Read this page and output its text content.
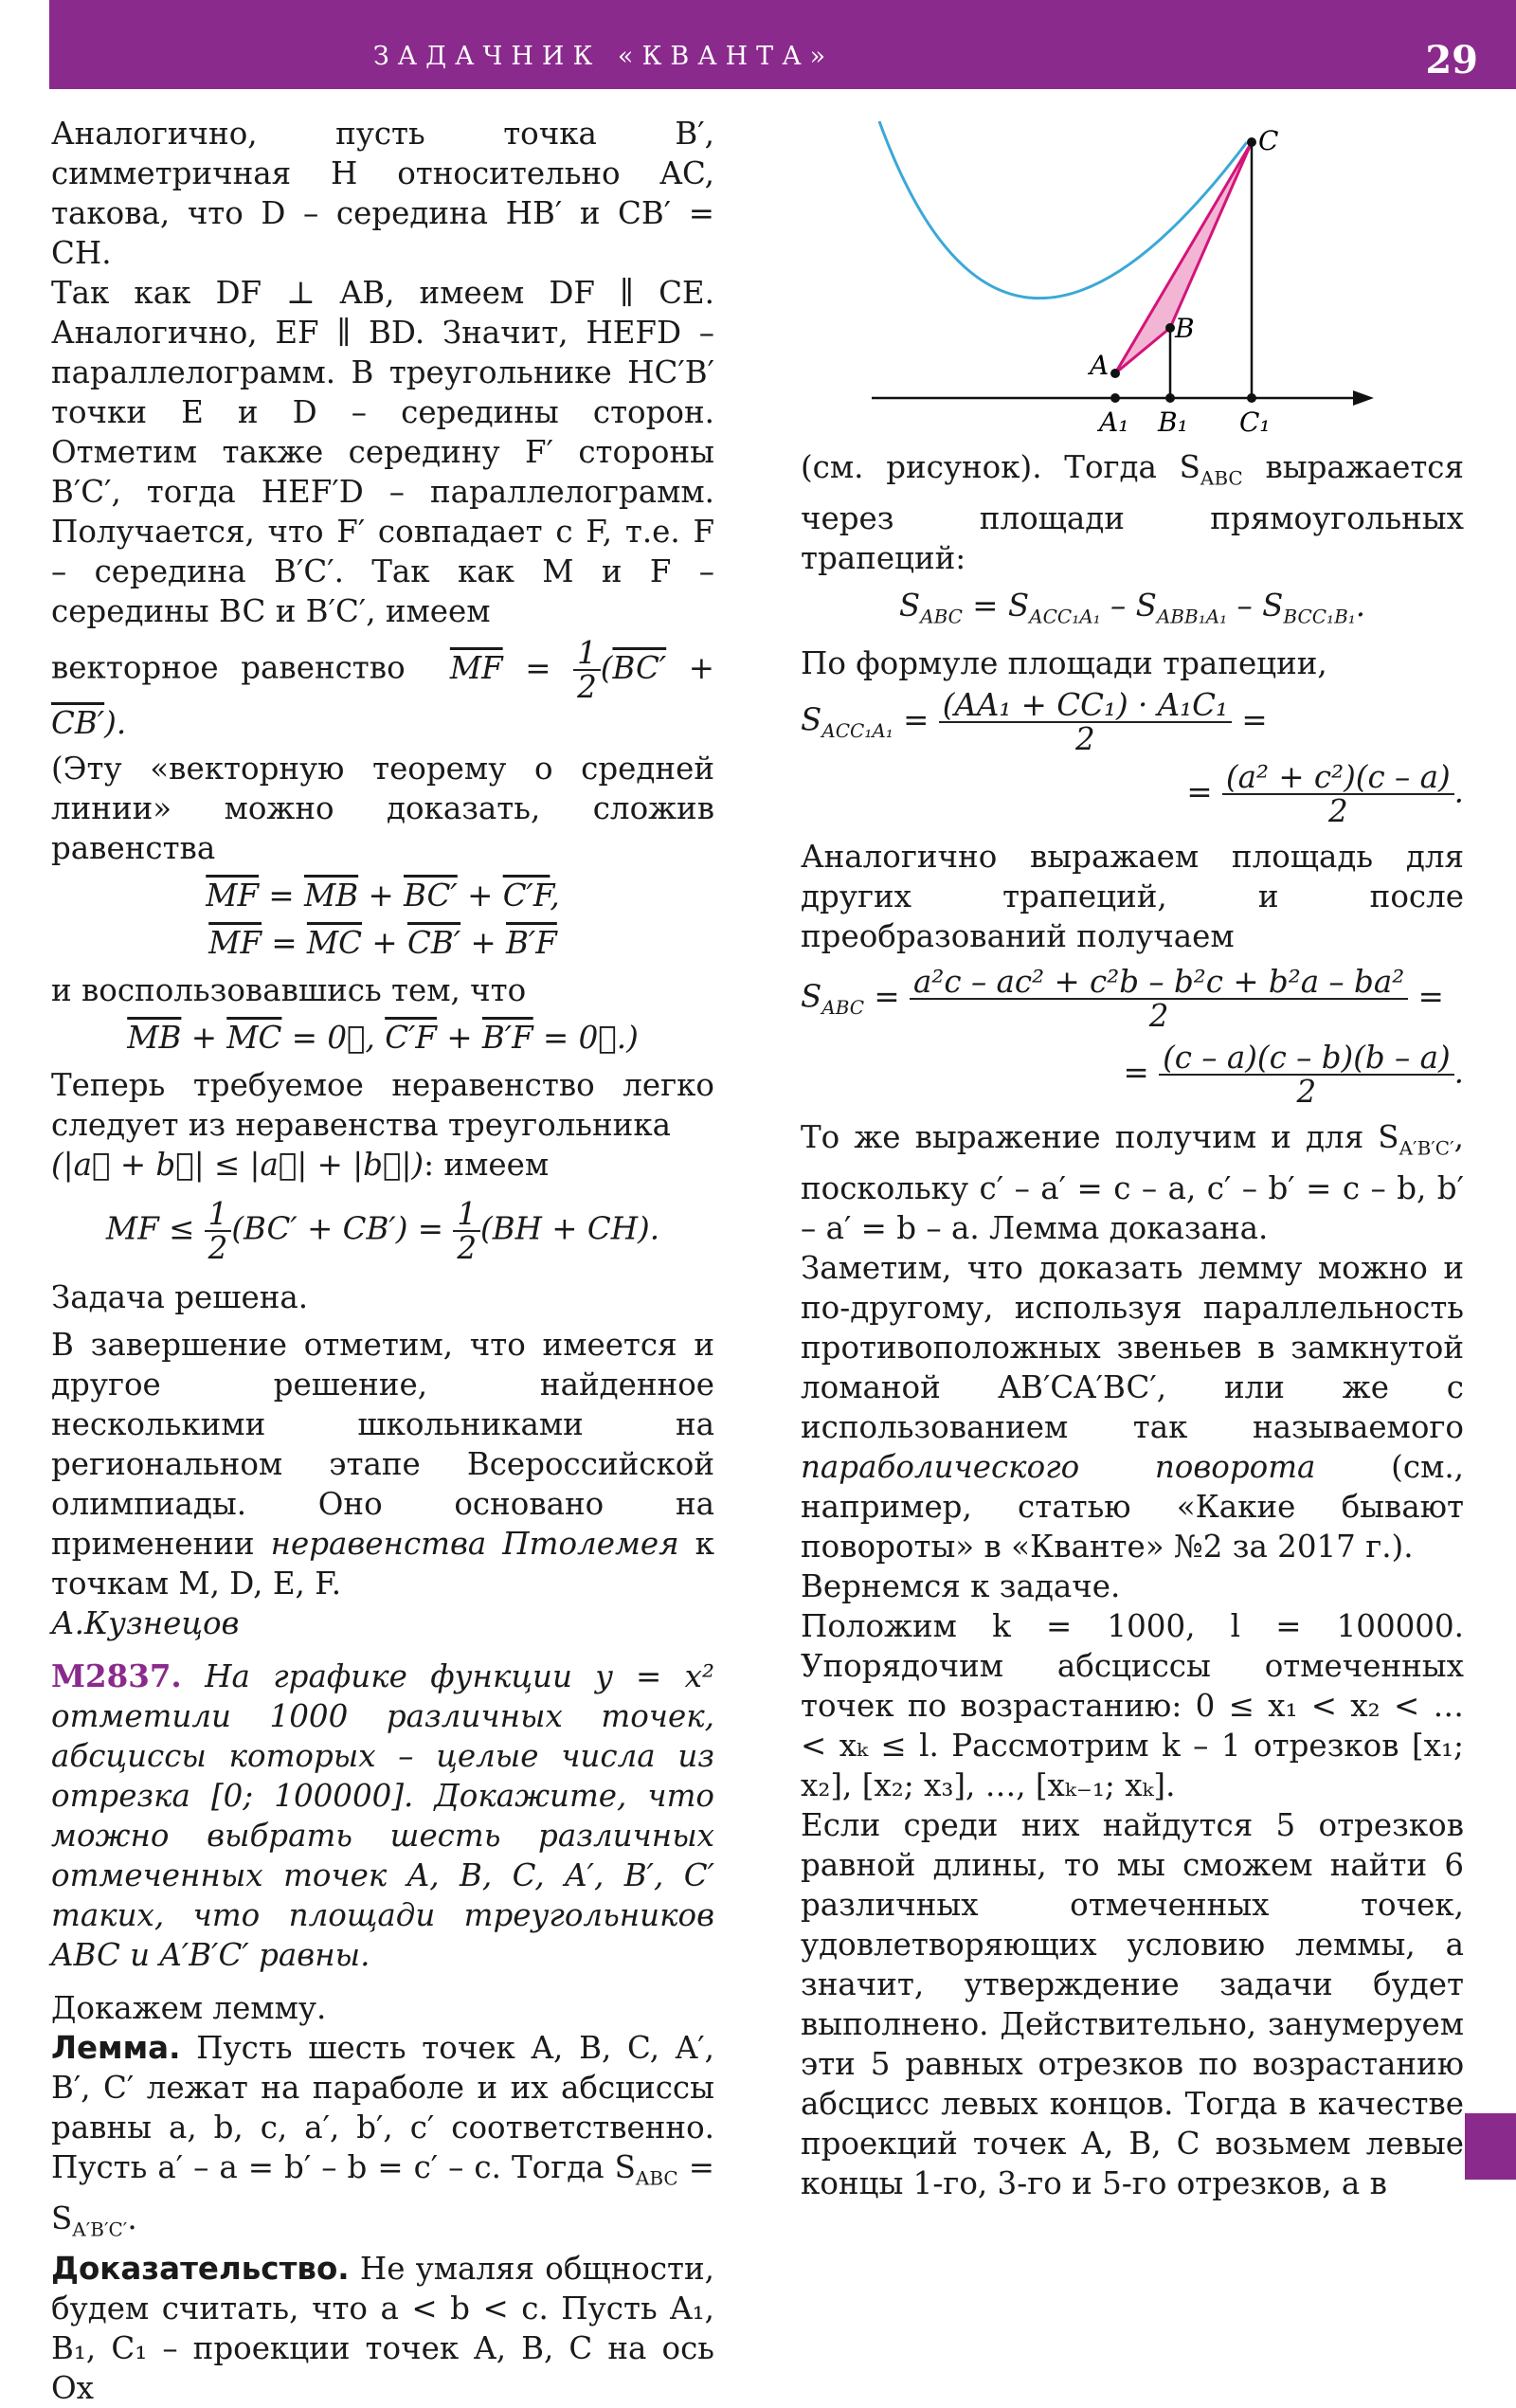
ЗАДАЧНИК «КВАНТА»	29
A
B
C
A₁ B₁ C₁

Аналогично, пусть точка B′, симметричная H относительно AC, такова, что D – середина HB′ и CB′ = CH.

Так как DF ⊥ AB, имеем DF ∥ CE. Аналогично, EF ∥ BD. Значит, HEFD – параллелограмм. В треугольнике HC′B′ точки E и D – середины сторон. Отметим также середину F′ стороны B′C′, тогда HEF′D – параллелограмм. Получается, что F′ совпадает с F, т.е. F – середина B′C′. Так как M и F – середины BC и B′C′, имеем

векторное равенство $\overline{MF} = \frac{1}{2} (BC' + CB')$.

(Эту «векторную теорему о средней линии» можно доказать, сложив равенства

$\overline{MF} = \overline{MB} + BC' + C'F$,
$\overline{MF} = \overline{MC} + CB' + B'F$

и воспользовавшись тем, что

$\overline{MB} + \overline{MC}$ = 0⃗, C′F + B′F = 0⃗.)

Теперь требуемое неравенство легко следует из неравенства треугольника

(|a⃗ + b⃗| ≤ |a⃗| + |b⃗|): имеем

MF ≤ $\frac{1}{2} (BC' + CB') = \frac{1}{2} (BH + CH)$.

Задача решена.

В завершение отметим, что имеется и другое решение, найденное несколькими школьниками на региональном этапе Всероссийской олимпиады. Оно основано на применении неравенства Птолемея к точкам M, D, E, F.

А.Кузнецов

М2837. На графике функции y = x² отметили 1000 различных точек, абсциссы которых – целые числа из отрезка [0; 100000]. Докажите, что можно выбрать шесть различных отмеченных точек A, B, C, A′, B′, C′ таких, что площади треугольников ABC и A′B′C′ равны.

Докажем лемму.

Лемма. Пусть шесть точек A, B, C, A′, B′, C′ лежат на параболе и их абсциссы равны a, b, c, a′, b′, c′ соответственно. Пусть a′ – a = b′ – b = c′ – c. Тогда $S_{ABC} = S_{A'B'C'}$.

Доказательство. Не умаляя общности, будем считать, что a < b < c. Пусть A₁, B₁, C₁ – проекции точек A, B, C на ось Ox

(см. рисунок). Тогда $S_{ABC}$ выражается через площади прямоугольных трапеций:

$S_{ABC} = S_{ACC_1A_1} - S_{ABB_1A_1} - S_{BCC_1B_1}$.

По формуле площади трапеции,

$S_{ACC_1A_1} = \frac{\text{(AA₁ + CC₁) · A₁C₁}}{2}$ =
= $\frac{\text{(a² + c²)(c – a)}}{2}$ .

Аналогично выражаем площадь для других трапеций, и после преобразований получаем

$S_{ABC} = \frac{\text{a²c – ac² + c²b – b²c + b²a – ba²}}{2}$ =
= $\frac{(c - a)(c - b)(b - a)}{2}$ .

То же выражение получим и для $S_{A'B'C'}$, поскольку c′ – a′ = c – a, c′ – b′ = c – b, b′ – a′ = b – a. Лемма доказана.

Заметим, что доказать лемму можно и по-другому, используя параллельность противоположных звеньев в замкнутой ломаной AB′CA′BC′, или же с использованием так называемого параболического поворота (см., например, статью «Какие бывают повороты» в «Кванте» №2 за 2017 г.).

Вернемся к задаче.

Положим k = 1000, l = 100000. Упорядочим абсциссы отмеченных точек по возрастанию: 0 ≤ x₁ < x₂ < … < xₖ ≤ l. Рассмотрим k – 1 отрезков [x₁; x₂], [x₂; x₃], …, [xₖ₋₁; xₖ].

Если среди них найдутся 5 отрезков равной длины, то мы сможем найти 6 различных отмеченных точек, удовлетворяющих условию леммы, а значит, утверждение задачи будет выполнено. Действительно, занумеруем эти 5 равных отрезков по возрастанию абсцисс левых концов. Тогда в качестве проекций точек A, B, C возьмем левые концы 1-го, 3-го и 5-го отрезков, а в
